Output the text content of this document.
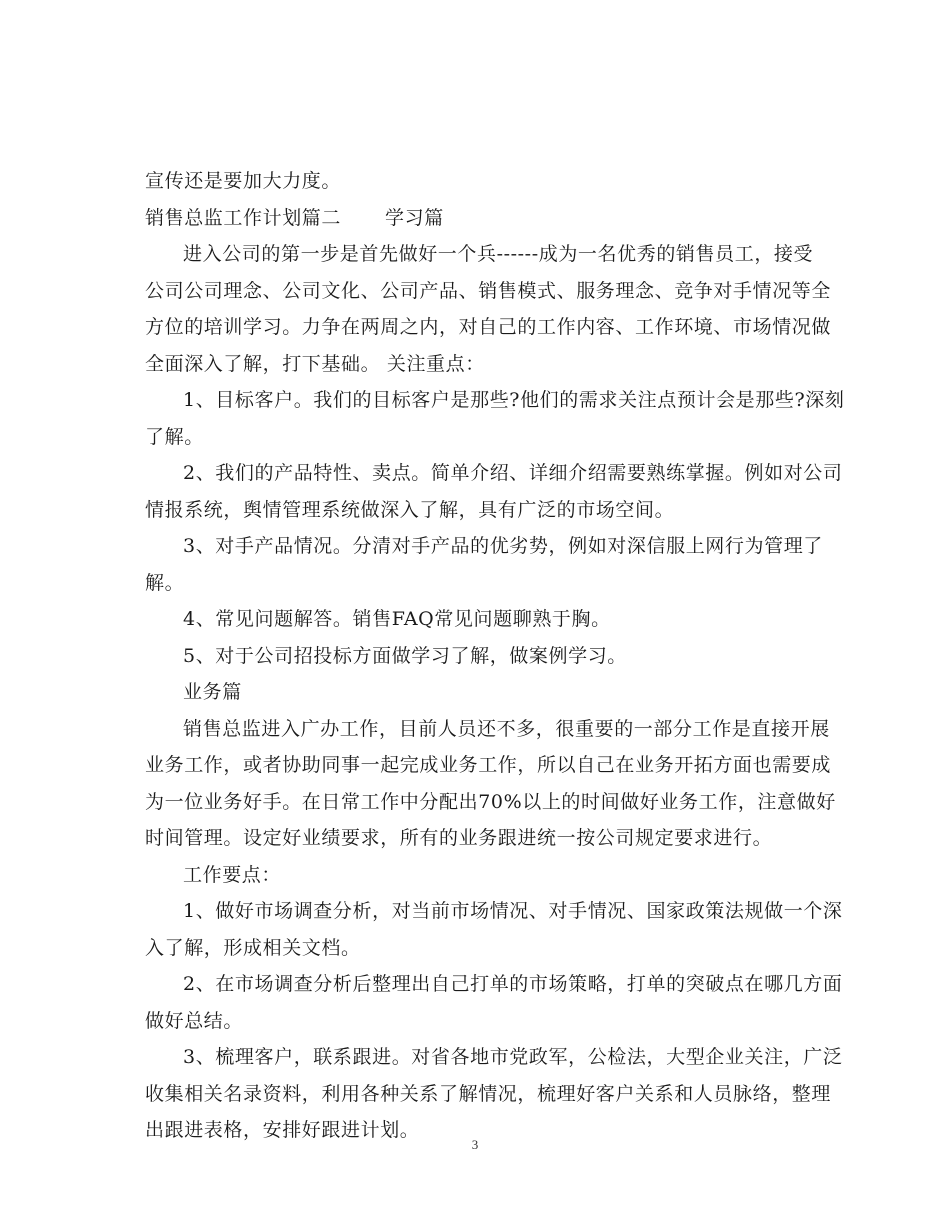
宣传还是要加大力度。
销售总监工作计划篇二 学习篇
进入公司的第一步是首先做好一个兵------成为一名优秀的销售员工，接受
公司公司理念、公司文化、公司产品、销售模式、服务理念、竞争对手情况等全
方位的培训学习。力争在两周之内，对自己的工作内容、工作环境、市场情况做
全面深入了解，打下基础。 关注重点：
1、目标客户。我们的目标客户是那些?他们的需求关注点预计会是那些?深刻
了解。
2、我们的产品特性、卖点。简单介绍、详细介绍需要熟练掌握。例如对公司
情报系统，舆情管理系统做深入了解，具有广泛的市场空间。
3、对手产品情况。分清对手产品的优劣势，例如对深信服上网行为管理了
解。
4、常见问题解答。销售FAQ常见问题聊熟于胸。
5、对于公司招投标方面做学习了解，做案例学习。
业务篇
销售总监进入广办工作，目前人员还不多，很重要的一部分工作是直接开展
业务工作，或者协助同事一起完成业务工作，所以自己在业务开拓方面也需要成
为一位业务好手。在日常工作中分配出70%以上的时间做好业务工作，注意做好
时间管理。设定好业绩要求，所有的业务跟进统一按公司规定要求进行。
工作要点：
1、做好市场调查分析，对当前市场情况、对手情况、国家政策法规做一个深
入了解，形成相关文档。
2、在市场调查分析后整理出自己打单的市场策略，打单的突破点在哪几方面
做好总结。
3、梳理客户，联系跟进。对省各地市党政军，公检法，大型企业关注，广泛
收集相关名录资料，利用各种关系了解情况，梳理好客户关系和人员脉络，整理
出跟进表格，安排好跟进计划。
3
